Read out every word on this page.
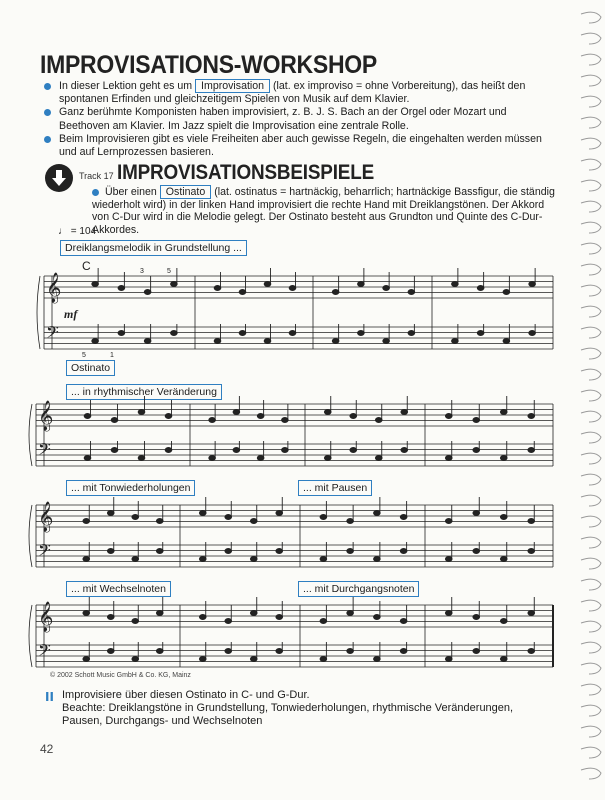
IMPROVISATIONS-WORKSHOP
In dieser Lektion geht es um Improvisation (lat. ex improviso = ohne Vorbereitung), das heißt den spontanen Erfinden und gleichzeitigem Spielen von Musik auf dem Klavier.
Ganz berühmte Komponisten haben improvisiert, z. B. J. S. Bach an der Orgel oder Mozart und Beethoven am Klavier. Im Jazz spielt die Improvisation eine zentrale Rolle.
Beim Improvisieren gibt es viele Freiheiten aber auch gewisse Regeln, die eingehalten werden müssen und auf Lernprozessen basieren.
Track 17 IMPROVISATIONSBEISPIELE
Über einen Ostinato (lat. ostinatus = hartnäckig, beharrlich; hartnäckige Bassfigur, die ständig wiederholt wird) in der linken Hand improvisiert die rechte Hand mit Dreiklangstönen. Der Akkord von C-Dur wird in die Melodie gelegt. Der Ostinato besteht aus Grundton und Quinte des C-Dur-Akkordes.
♩ = 104
Dreiklangsmelodik in Grundstellung ...
Ostinato
... in rhythmischer Veränderung
... mit Tonwiederholungen	... mit Pausen
... mit Wechselnoten	... mit Durchgangsnoten
𝄞
𝄢
𝄞
𝄢
𝄞
𝄢
𝄞
𝄢
C
mf
3	5
5	1
© 2002 Schott Music GmbH & Co. KG, Mainz
II Improvisiere über diesen Ostinato in C- und G-Dur.
Beachte: Dreiklangstöne in Grundstellung, Tonwiederholungen, rhythmische Veränderungen, Pausen, Durchgangs- und Wechselnoten
42
